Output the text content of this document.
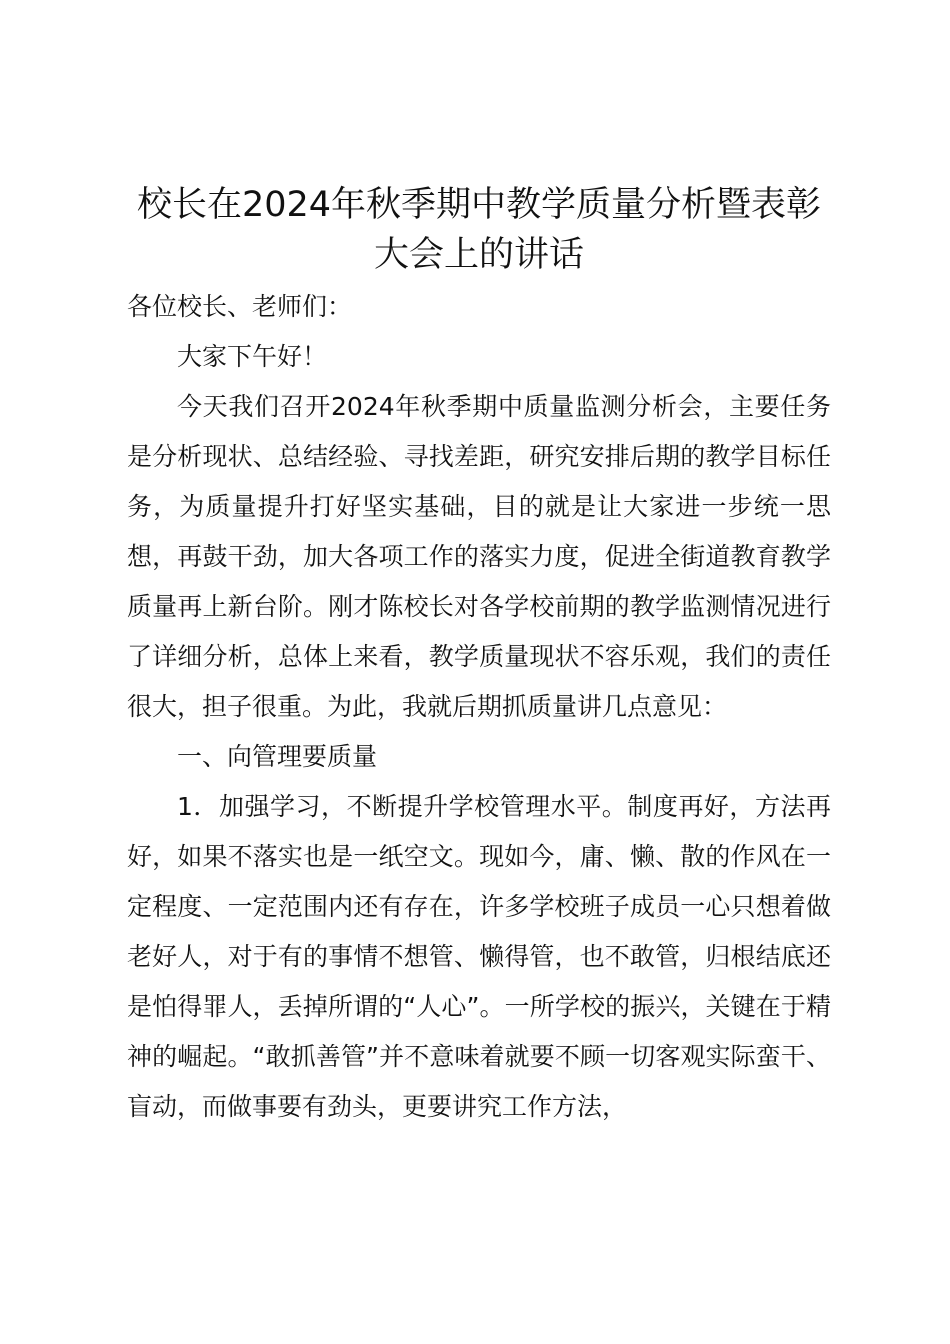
校长在2024年秋季期中教学质量分析暨表彰大会上的讲话

各位校长、老师们：

大家下午好！

今天我们召开2024年秋季期中质量监测分析会，主要任务是分析现状、总结经验、寻找差距，研究安排后期的教学目标任务，为质量提升打好坚实基础，目的就是让大家进一步统一思想，再鼓干劲，加大各项工作的落实力度，促进全街道教育教学质量再上新台阶。刚才陈校长对各学校前期的教学监测情况进行了详细分析，总体上来看，教学质量现状不容乐观，我们的责任很大，担子很重。为此，我就后期抓质量讲几点意见：

一、向管理要质量

1．加强学习，不断提升学校管理水平。制度再好，方法再好，如果不落实也是一纸空文。现如今，庸、懒、散的作风在一定程度、一定范围内还有存在，许多学校班子成员一心只想着做老好人，对于有的事情不想管、懒得管，也不敢管，归根结底还是怕得罪人，丢掉所谓的“人心”。一所学校的振兴，关键在于精神的崛起。“敢抓善管”并不意味着就要不顾一切客观实际蛮干、盲动，而做事要有劲头，更要讲究工作方法，
